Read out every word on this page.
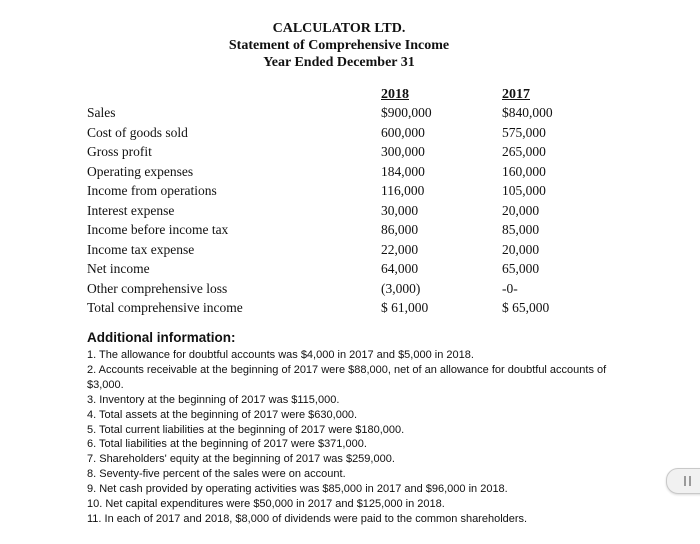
CALCULATOR LTD.
Statement of Comprehensive Income
Year Ended December 31
2018	2017
Sales	$900,000	$840,000
Cost of goods sold	600,000	575,000
Gross profit	300,000	265,000
Operating expenses	184,000	160,000
Income from operations	116,000	105,000
Interest expense	30,000	20,000
Income before income tax	86,000	85,000
Income tax expense	22,000	20,000
Net income	64,000	65,000
Other comprehensive loss	(3,000)	-0-
Total comprehensive income	$ 61,000	$ 65,000
Additional information:
1. The allowance for doubtful accounts was $4,000 in 2017 and $5,000 in 2018.
2. Accounts receivable at the beginning of 2017 were $88,000, net of an allowance for doubtful accounts of $3,000.
3. Inventory at the beginning of 2017 was $115,000.
4. Total assets at the beginning of 2017 were $630,000.
5. Total current liabilities at the beginning of 2017 were $180,000.
6. Total liabilities at the beginning of 2017 were $371,000.
7. Shareholders' equity at the beginning of 2017 was $259,000.
8. Seventy-five percent of the sales were on account.
9. Net cash provided by operating activities was $85,000 in 2017 and $96,000 in 2018.
10. Net capital expenditures were $50,000 in 2017 and $125,000 in 2018.
11. In each of 2017 and 2018, $8,000 of dividends were paid to the common shareholders.
